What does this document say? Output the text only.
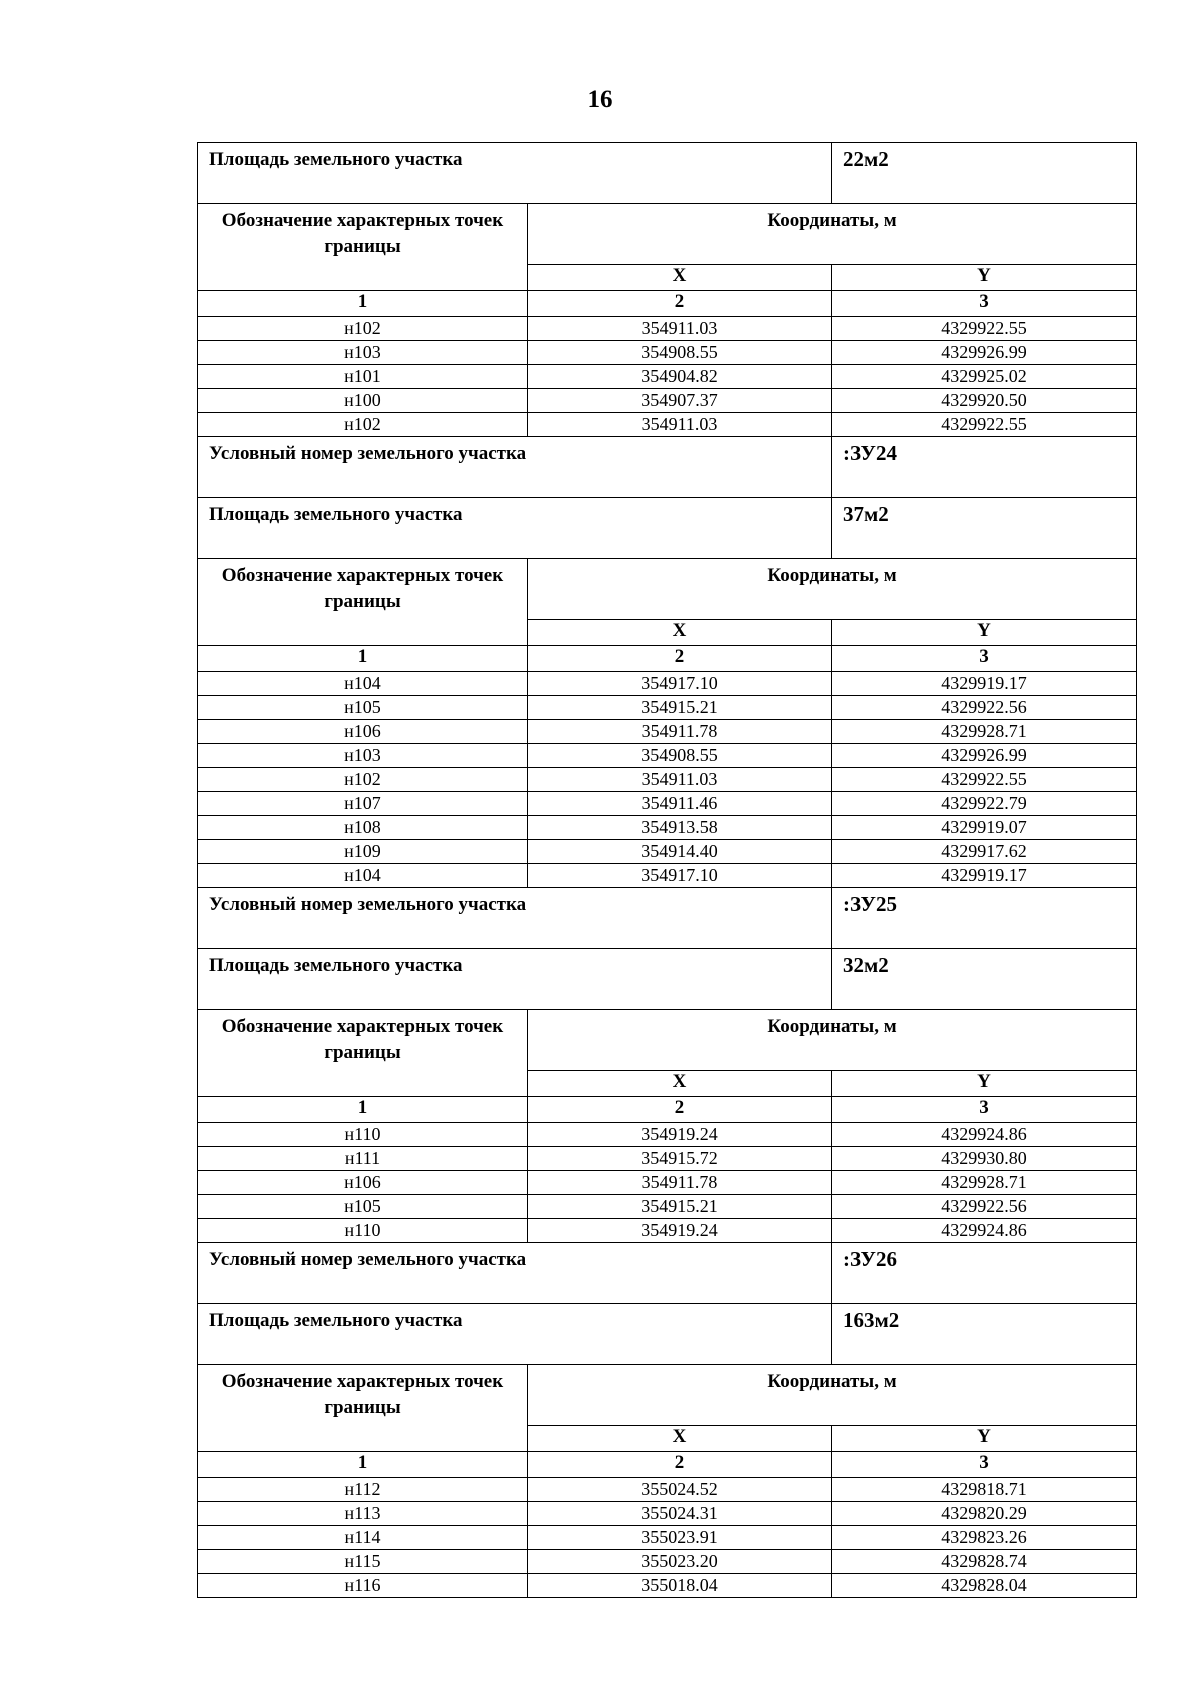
16
Площадь земельного участка		22м2
Обозначение характерных точек границы	Координаты, м	
	X	Y
1	2	3
н102	354911.03	4329922.55
н103	354908.55	4329926.99
н101	354904.82	4329925.02
н100	354907.37	4329920.50
н102	354911.03	4329922.55
Условный номер земельного участка		:ЗУ24
Площадь земельного участка		37м2
Обозначение характерных точек границы	Координаты, м	
	X	Y
1	2	3
н104	354917.10	4329919.17
н105	354915.21	4329922.56
н106	354911.78	4329928.71
н103	354908.55	4329926.99
н102	354911.03	4329922.55
н107	354911.46	4329922.79
н108	354913.58	4329919.07
н109	354914.40	4329917.62
н104	354917.10	4329919.17
Условный номер земельного участка		:ЗУ25
Площадь земельного участка		32м2
Обозначение характерных точек границы	Координаты, м	
	X	Y
1	2	3
н110	354919.24	4329924.86
н111	354915.72	4329930.80
н106	354911.78	4329928.71
н105	354915.21	4329922.56
н110	354919.24	4329924.86
Условный номер земельного участка		:ЗУ26
Площадь земельного участка		163м2
Обозначение характерных точек границы	Координаты, м	
	X	Y
1	2	3
н112	355024.52	4329818.71
н113	355024.31	4329820.29
н114	355023.91	4329823.26
н115	355023.20	4329828.74
н116	355018.04	4329828.04
